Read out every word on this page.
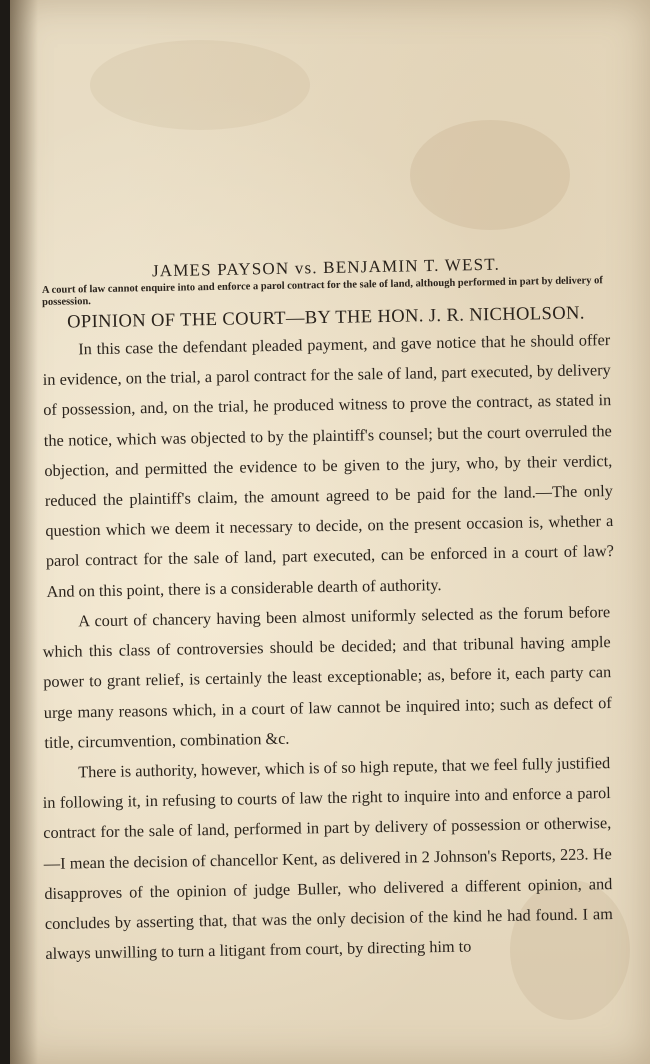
JAMES PAYSON vs. BENJAMIN T. WEST.
A court of law cannot enquire into and enforce a parol contract for the sale of land, although performed in part by delivery of possession.
OPINION OF THE COURT—BY THE HON. J. R. NICHOLSON.

In this case the defendant pleaded payment, and gave notice that he should offer in evidence, on the trial, a parol contract for the sale of land, part executed, by delivery of possession, and, on the trial, he produced witness to prove the contract, as stated in the notice, which was objected to by the plaintiff's counsel; but the court overruled the objection, and permitted the evidence to be given to the jury, who, by their verdict, reduced the plaintiff's claim, the amount agreed to be paid for the land.—The only question which we deem it necessary to decide, on the present occasion is, whether a parol contract for the sale of land, part executed, can be enforced in a court of law? And on this point, there is a considerable dearth of authority.

A court of chancery having been almost uniformly selected as the forum before which this class of controversies should be decided; and that tribunal having ample power to grant relief, is certainly the least exceptionable; as, before it, each party can urge many reasons which, in a court of law cannot be inquired into; such as defect of title, circumvention, combination &c.

There is authority, however, which is of so high repute, that we feel fully justified in following it, in refusing to courts of law the right to inquire into and enforce a parol contract for the sale of land, performed in part by delivery of possession or otherwise,—I mean the decision of chancellor Kent, as delivered in 2 Johnson's Reports, 223. He disapproves of the opinion of judge Buller, who delivered a different opinion, and concludes by asserting that, that was the only decision of the kind he had found. I am always unwilling to turn a litigant from court, by directing him to
